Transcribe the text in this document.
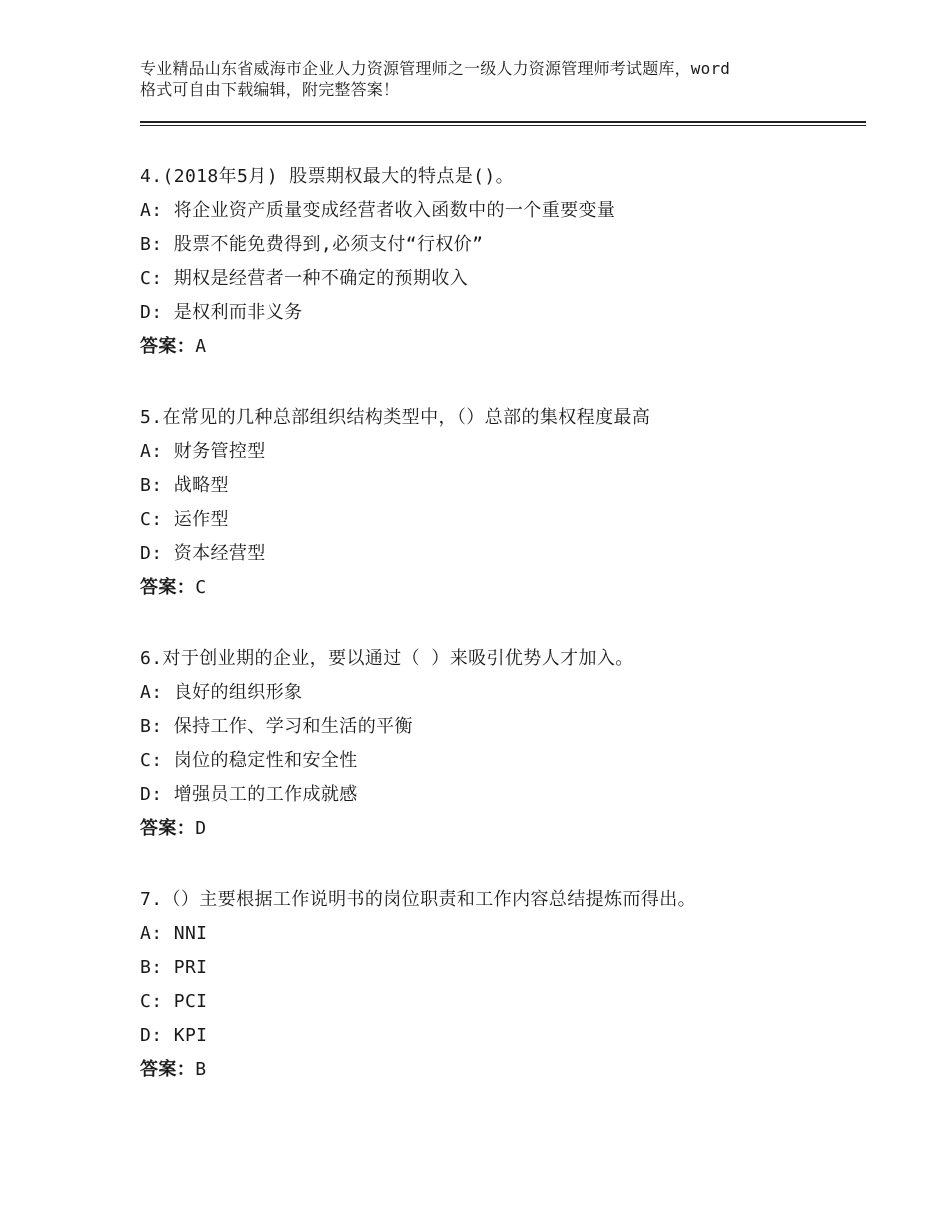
专业精品山东省威海市企业人力资源管理师之一级人力资源管理师考试题库，word
格式可自由下载编辑，附完整答案！
4.(2018年5月) 股票期权最大的特点是()。
A: 将企业资产质量变成经营者收入函数中的一个重要变量
B: 股票不能免费得到,必须支付“行权价”
C: 期权是经营者一种不确定的预期收入
D: 是权利而非义务
答案：A
5.在常见的几种总部组织结构类型中，（）总部的集权程度最高
A: 财务管控型
B: 战略型
C: 运作型
D: 资本经营型
答案：C
6.对于创业期的企业，要以通过（ ）来吸引优势人才加入。
A: 良好的组织形象
B: 保持工作、学习和生活的平衡
C: 岗位的稳定性和安全性
D: 增强员工的工作成就感
答案：D
7.（）主要根据工作说明书的岗位职责和工作内容总结提炼而得出。
A: NNI
B: PRI
C: PCI
D: KPI
答案：B
